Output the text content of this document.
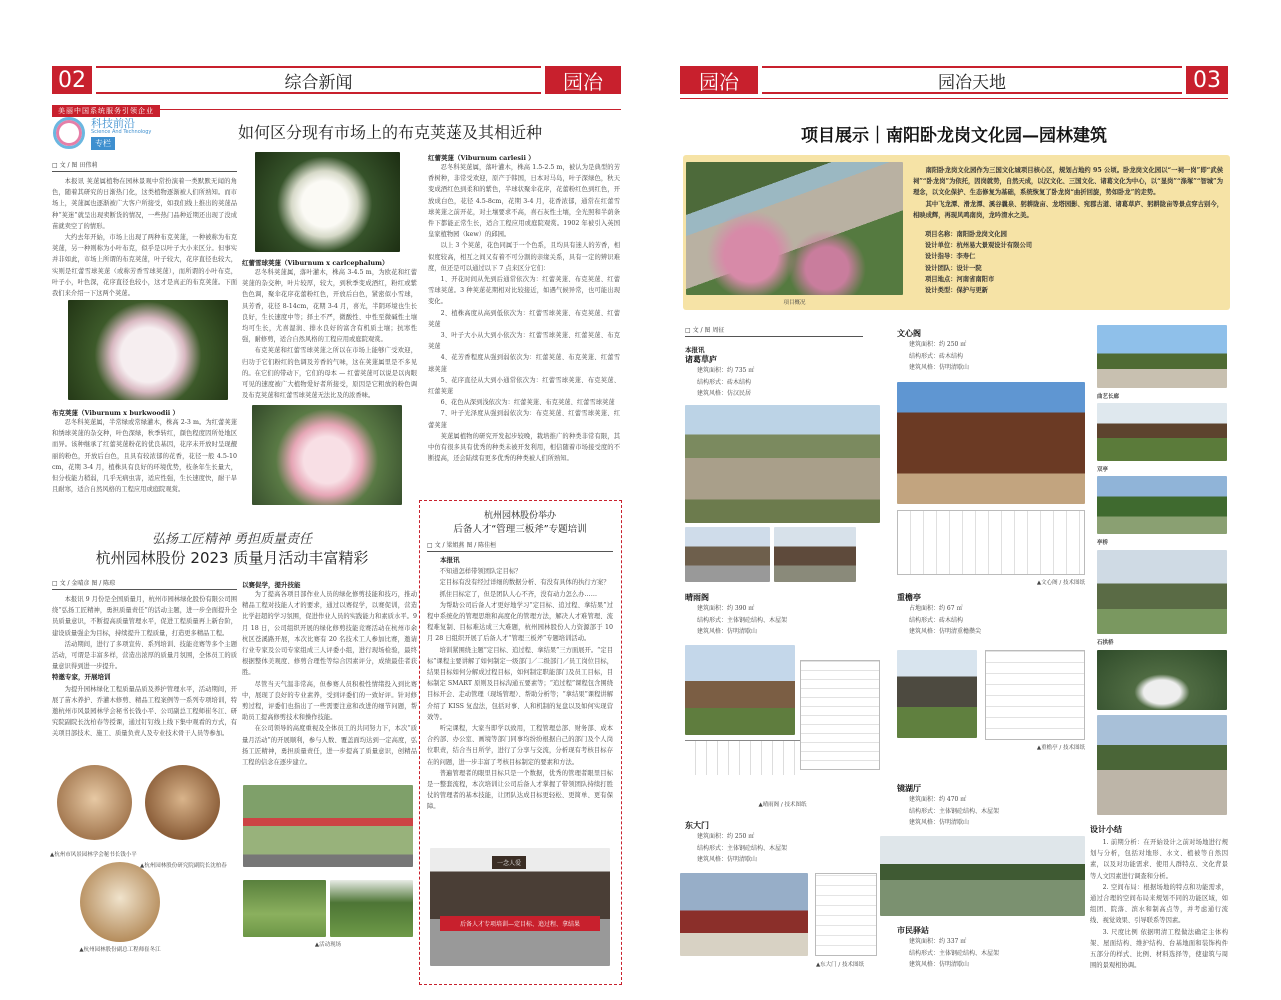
02	综合新闻	园冶
美丽中国系统服务引领企业
科技前沿
Science And Technology
专栏
如何区分现有市场上的布克荚蒾及其相近种
□ 文 / 图 田伟莉

本报讯 荚蒾属植物在园林景观中常扮演着一类默默无闻的角色，随着其研究的日渐热门化，这类植物逐渐被人们所熟知。而市场上，荚蒾属也逐渐被广大客户所接受，如我们线上推出的荚蒾品种“荚迷”就呈出现卖断货的情况，一些热门品种近期还出现了没成苗就卖空了的情形。

大约去年开始，市场上出现了两种布克荚蒾，一种被称为布克荚蒾，另一种则称为小叶布克，似乎是以叶子大小来区分。但事实并非如此，市场上所谓的布克荚蒾，叶子较大，花序直径也较大，实则是红蕾雪球荚蒾（或称芳香雪球荚蒾），而所谓的小叶布克，叶子小，叶色深，花序直径也较小，这才是真正的布克荚蒾。下面我们来介绍一下这两个荚蒾。

布克荚蒾（Viburnum x burkwoodii ）

忍冬科荚蒾属，半常绿或常绿灌木，株高 2-3 m。为红蕾荚蒾和绣球荚蒾的杂交种，叶色深绿，秋季转红，颜色程度因所处地区而异。该种继承了红蕾荚蒾粉花的优良基因，花序未开放时呈现靓丽的粉色，开放后白色，且具有较浓郁的花香，花径一般 4.5-10 cm，花期 3-4 月，植株具有良好的环境优势，枝条年生长量大，但分枝能力稍弱，几乎无病虫害，适应性强，生长速度快，耐干旱且耐寒，适合自然风格的工程应用或庭院观赏。

红蕾雪球荚蒾（Viburnum x carlcephalum）

忍冬科荚蒾属，落叶灌木，株高 3-4.5 m，为欧花和红蕾荚蒾的杂交种，叶片较厚，较大，到秋季变成酒红，粉红或紫色色调，聚伞花序花蕾粉红色，开放后白色，紧密似小雪球，具芳香，花径 8-14cm，花期 3-4 月，喜光，半阴环境也生长良好，生长速度中等；择土不严，微酸性、中性至微碱性土壤均可生长，尤喜湿润、排水良好的富含有机质土壤；抗寒性强，耐修剪，适合自然风格的工程应用或庭院观赏。

布克荚蒾和红蕾雪球荚蒾之所以在市场上能够广受欢迎，归功于它们粉红的色调及芳香的气味，这在荚蒾属里是不多见的。在它们的带动下，它们的母本 — 红蕾荚蒾可以说是以肉眼可见的速度被广大植物爱好者所接受，原因是它粗放的粉色调及布克荚蒾和红蕾雪球荚蒾无法比及的浓香味。

红蕾荚蒾（Viburnum carlesii ）

忍冬科荚蒾属，落叶灌木，株高 1.5-2.5 m，被认为是典型的芳香树种，非常受欢迎，原产于韩国，日本对马岛，叶子深绿色，秋天变成酒红色到柔和的紫色，半球状聚伞花序，花蕾粉红色到红色，开放成白色，花径 4.5-8cm，花期 3-4 月，花香浓郁，通常在红蕾雪球荚蒾之前开花，对土壤要求不高，喜石灰性土壤，全光照和半荫条件下都能正常生长，适合工程应用或庭院观赏。1902 年被引入英国皇家植物园（kew）的邱园。

以上 3 个荚蒾，花色同属于一个色系，且均具有迷人的芳香，相似度较高，相互之间又有着不可分割的亲缘关系，具有一定的辨识难度，但还是可以通过以下 7 点来区分它们：

1、开花时间从先到后通常依次为：红蕾荚蒾、布克荚蒾、红蕾雪球荚蒾。3 种荚蒾花期相对比较接近，如遇气候异常，也可能出现变化。

2、植株高度从高到低依次为：红蕾雪球荚蒾、布克荚蒾、红蕾荚蒾

3、叶子大小从大到小依次为：红蕾雪球荚蒾、红蕾荚蒾、布克荚蒾

4、花芳香程度从强到弱依次为：红蕾荚蒾、布克荚蒾、红蕾雪球荚蒾

5、花序直径从大到小通常依次为：红蕾雪球荚蒾、布克荚蒾、红蕾荚蒾

6、花色从深到浅依次为：红蕾荚蒾、布克荚蒾、红蕾雪球荚蒾

7、叶子光泽度从强到弱依次为：布克荚蒾、红蕾雪球荚蒾、红蕾荚蒾

荚蒾属植物的研究开发起步较晚，栽培推广的种类非常有限，其中仿有很多具有优秀的种类未被开发利用，相信随着市场接受度的不断提高，还会陆续有更多优秀的种类被人们所熟知。

弘扬工匠精神 勇担质量责任
杭州园林股份 2023 质量月活动丰富精彩
□ 文 / 金晴彦 图 / 陈琼

本报讯 9 月份是全国质量月，杭州市园林绿化股份有限公司围绕“弘扬工匠精神，勇担质量责任”的活动主题，进一步全面提升全员质量意识，不断提高质量管理水平，促进工程质量再上新台阶，建设质量强企为目标，持续提升工程质量，打造更多精品工程。

活动期间，进行了多项宣传、系列培训、技能竞赛等多个主题活动，可谓是丰富多样，营造出浓厚的质量月氛围，全体员工的质量意识得到进一步提升。

特邀专家，开展培训

为提升园林绿化工程质量品质及养护管理水平，活动期间，开展了苗木养护、乔灌木修剪、精品工程案例等一系列专项培训，特邀杭州市风景园林学会秘书长钱小平、公司副总工程师崔冬江、研究院副院长沈柏春等授课，通过钉钉线上线下集中观看的方式，有关项目部技术、施工、质量负责人及专业技术骨干人员等参加。

▲杭州市风景园林学会秘书长钱小平
▲杭州园林股份研究院副院长沈柏春
▲杭州园林股份副总工程师崔冬江
以赛促学，提升技能

为了提高各项目部作业人员的绿化修剪技能和技巧，推动精品工程对技能人才的要求，通过以赛促学，以赛促训，营造比学赶超的学习氛围，促进作业人员的实践能力和素质水平。9 月 18 日，公司组织开展的绿化修剪技能竞赛活动在杭州市余杭区苍溪路开展，本次比赛有 20 名技术工人参加比赛，邀请行业专家及公司专家组成三人评委小组，进行现场检验，最终根据整体美观度、修剪合理性等综合因素评分，成绩最佳者获胜。

尽管当天气温非常高，但参赛人员积极性情绪投入到比赛中，展现了良好的专业素养，受到评委们的一致好评。针对修剪过程，评委们也指出了一些需要注意和改进的细节问题，帮助员工提高修剪技术和操作技能。

在公司领导的高度重视及全体员工的共同努力下，本次“质量月活动”的开展顺利，参与人数、覆盖面均达到一定高度，弘扬工匠精神，勇担质量责任，进一步提高了质量意识，创精品工程的信念在逐步建立。

▲活动现场
杭州园林股份举办
后备人才“管理三板斧”专题培训
□ 文 / 梁姐燕 图 / 陈佳桓

本报讯

不知道怎样带领团队定目标？

定目标有没有经过详细的数据分析、有没有具体的执行方案？

抓住目标定了，但是团队人心不齐，没有动力怎么办……

为帮助公司后备人才更好地学习“定目标、追过程、拿结果”过程中系统化的管理思维和高度化的管理方法，解决人才难管理、流程难复制、目标难达成三大难题，杭州园林股份人力资源部于 10 月 28 日组织开展了后备人才“管理三板斧”专题培训活动。

培训紧围绕主题“定目标、追过程、拿结果”三方面展开。“定目标”课程主要讲解了如何制定一级部门／二级部门／员工岗位目标，结果目标如何分解成过程目标，如何制定职能部门及员工目标，目标制定 SMART 原则及目标沟通五要素等；“追过程”课程包含围绕目标开会、走动管理（现场管理）、帮助分析等；“拿结果”课程讲解介绍了 KISS 复盘法，包括对事、人和机制的复盘以及如何实现营效等。

听完课程，大家当即学以致用，工程管理总部、财务部、成本合约部、办公室、画境等部门同事均纷纷根据自己的部门及个人岗位职责，结合当日所学，进行了分享与交流，分析现有考核目标存在的问题，进一步丰富了考核目标制定的要素和方法。

普遍管理者的眼里目标只是一个数据，优秀的管理者眼里目标是一整套流程，本次培训让公司后备人才掌握了带领团队持续打胜仗的管理者的基本技能，让团队达成目标更轻松、更简单、更有保障。

一念人爱
后备人才专项培训—定目标、追过程、拿结果
园冶	园冶天地	03
项目展示｜南阳卧龙岗文化园—园林建筑
项目概况

南阳卧龙岗文化园作为三国文化城项目核心区，规划占地约 95 公顷。卧龙岗文化园以“一祠一岗”即“武侯祠”“卧龙岗”为依托，因岗就势，自然天成，以汉文化、三国文化、诸葛文化为中心，以“显岗”“涤塚”“智城”为理念，以文化保护、生态修复为基础，系统恢复了卧龙岗“曲折回旋，势如卧龙”的走势。

其中飞龙潭、滑龙潭、溪谷曩泉、躬耕陇亩、龙塔园影、宛郡古道、诸葛草庐、躬耕陇亩等景点穿古别今，相映成辉，再现风鸣南岗，龙吟淯水之美。

项目名称：南阳卧龙岗文化园
设计单位：杭州易大景观设计有限公司
设计指导：李寿仁
设计团队：设计一院
项目地点：河南省南阳市
设计类型：保护与更新
□ 文 / 图 周征
本报讯
诸葛草庐
建筑面积：约 735 ㎡
结构形式：砖木结构
建筑风格：仿汉民居
晴雨阁
建筑面积：约 390 ㎡
结构形式：主体钢砼结构、木屋架
建筑风格：仿明清歇山
▲晴雨阁 / 技术图纸
东大门
建筑面积：约 250 ㎡
结构形式：主体钢砼结构、木屋架
建筑风格：仿明清歇山
▲东大门 / 技术图纸
文心阁
建筑面积：约 250 ㎡
结构形式：砖木结构
建筑风格：仿明清歇山
▲文心阁 / 技术图纸
重檐亭
占地面积：约 67 ㎡
结构形式：砖木结构
建筑风格：仿明清重檐攒尖
▲重檐亭 / 技术图纸
镜湖厅
建筑面积：约 470 ㎡
结构形式：主体钢砼结构、木屋架
建筑风格：仿明清歇山
市民驿站
建筑面积：约 337 ㎡
结构形式：主体钢砼结构、木屋架
建筑风格：仿明清歇山
曲艺长廊
双亭
亭桥
石拱桥
设计小结

1. 前期分析：在开始设计之前对场地进行规划与分析，包括对地形、水文、植被等自然因素，以及对功能需求、使用人群特点、文化背景等人文因素进行调查和分析。

2. 空间布局：根据场地的特点和功能需求，通过合理的空间布局来规划不同的功能区域，如组团、院落、滨水和制高点等，并考虑通行流线、视觉效果、引导联系等因素。

3. 尺度比例 依据明清工程做法确定主体构架、屋面结构、维护结构、台基地面和装饰构件五部分的样式、比例、材料选择等，使建筑与周围的景观相协调。
